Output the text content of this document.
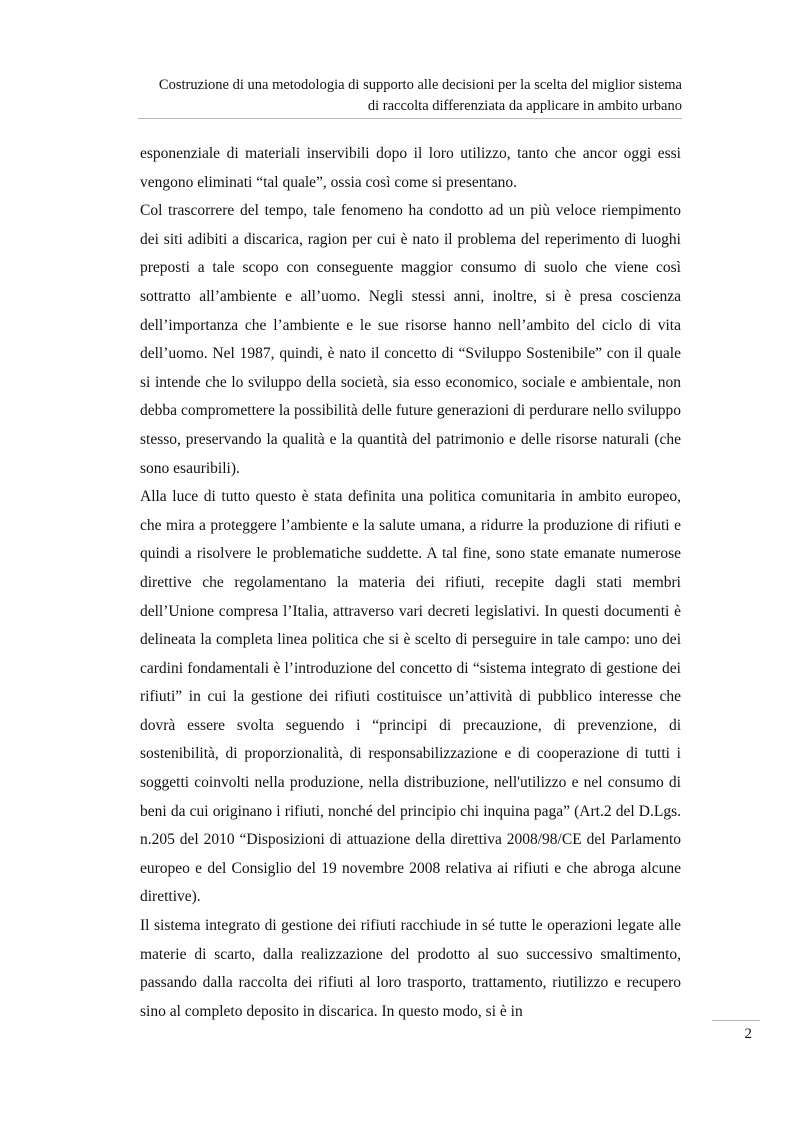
Costruzione di una metodologia di supporto alle decisioni per la scelta del miglior sistema
di raccolta differenziata da applicare in ambito urbano

esponenziale di materiali inservibili dopo il loro utilizzo, tanto che ancor oggi essi vengono eliminati “tal quale”, ossia così come si presentano.

Col trascorrere del tempo, tale fenomeno ha condotto ad un più veloce riempimento dei siti adibiti a discarica, ragion per cui è nato il problema del reperimento di luoghi preposti a tale scopo con conseguente maggior consumo di suolo che viene così sottratto all’ambiente e all’uomo. Negli stessi anni, inoltre, si è presa coscienza dell’importanza che l’ambiente e le sue risorse hanno nell’ambito del ciclo di vita dell’uomo. Nel 1987, quindi, è nato il concetto di “Sviluppo Sostenibile” con il quale si intende che lo sviluppo della società, sia esso economico, sociale e ambientale, non debba compromettere la possibilità delle future generazioni di perdurare nello sviluppo stesso, preservando la qualità e la quantità del patrimonio e delle risorse naturali (che sono esauribili).

Alla luce di tutto questo è stata definita una politica comunitaria in ambito europeo, che mira a proteggere l’ambiente e la salute umana, a ridurre la produzione di rifiuti e quindi a risolvere le problematiche suddette. A tal fine, sono state emanate numerose direttive che regolamentano la materia dei rifiuti, recepite dagli stati membri dell’Unione compresa l’Italia, attraverso vari decreti legislativi. In questi documenti è delineata la completa linea politica che si è scelto di perseguire in tale campo: uno dei cardini fondamentali è l’introduzione del concetto di “sistema integrato di gestione dei rifiuti” in cui la gestione dei rifiuti costituisce un’attività di pubblico interesse che dovrà essere svolta seguendo i “principi di precauzione, di prevenzione, di sostenibilità, di proporzionalità, di responsabilizzazione e di cooperazione di tutti i soggetti coinvolti nella produzione, nella distribuzione, nell'utilizzo e nel consumo di beni da cui originano i rifiuti, nonché del principio chi inquina paga” (Art.2 del D.Lgs. n.205 del 2010 “Disposizioni di attuazione della direttiva 2008/98/CE del Parlamento europeo e del Consiglio del 19 novembre 2008 relativa ai rifiuti e che abroga alcune direttive).

Il sistema integrato di gestione dei rifiuti racchiude in sé tutte le operazioni legate alle materie di scarto, dalla realizzazione del prodotto al suo successivo smaltimento, passando dalla raccolta dei rifiuti al loro trasporto, trattamento, riutilizzo e recupero sino al completo deposito in discarica. In questo modo, si è in

2
